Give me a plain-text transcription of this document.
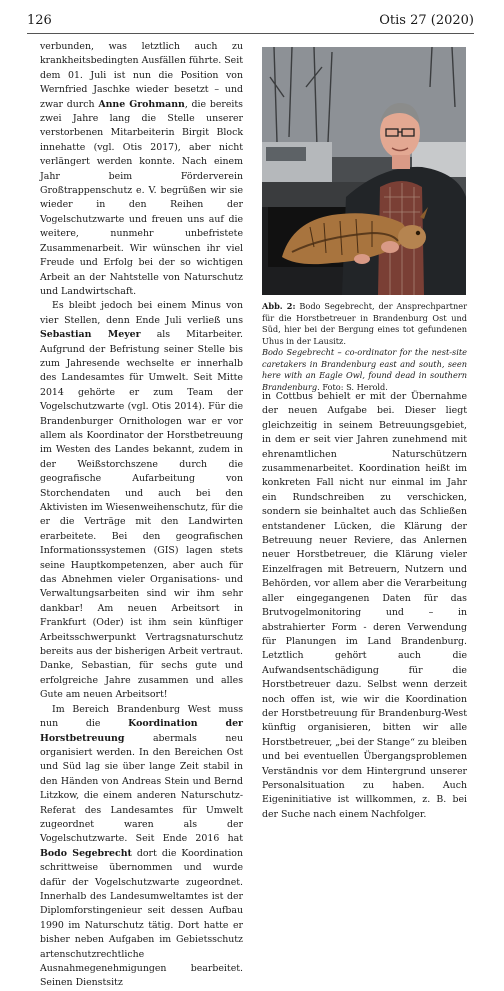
126	Otis 27 (2020)

verbunden, was letztlich auch zu krankheitsbedingten Ausfällen führte. Seit dem 01. Juli ist nun die Position von Wernfried Jaschke wieder besetzt – und zwar durch Anne Grohmann, die bereits zwei Jahre lang die Stelle unserer verstorbenen Mitarbeiterin Birgit Block innehatte (vgl. Otis 2017), aber nicht verlängert werden konnte. Nach einem Jahr beim Förderverein Großtrappenschutz e. V. begrüßen wir sie wieder in den Reihen der Vogelschutzwarte und freuen uns auf die weitere, nunmehr unbefristete Zusammenarbeit. Wir wünschen ihr viel Freude und Erfolg bei der so wichtigen Arbeit an der Nahtstelle von Naturschutz und Landwirtschaft.

Es bleibt jedoch bei einem Minus von vier Stellen, denn Ende Juli verließ uns Sebastian Meyer als Mitarbeiter. Aufgrund der Befristung seiner Stelle bis zum Jahresende wechselte er innerhalb des Landesamtes für Umwelt. Seit Mitte 2014 gehörte er zum Team der Vogelschutzwarte (vgl. Otis 2014). Für die Brandenburger Ornithologen war er vor allem als Koordinator der Horstbetreuung im Westen des Landes bekannt, zudem in der Weißstorchszene durch die geografische Aufarbeitung von Storchendaten und auch bei den Aktivisten im Wiesenweihenschutz, für die er die Verträge mit den Landwirten erarbeitete. Bei den geografischen Informationssystemen (GIS) lagen stets seine Hauptkompetenzen, aber auch für das Abnehmen vieler Organisations- und Verwaltungsarbeiten sind wir ihm sehr dankbar! Am neuen Arbeitsort in Frankfurt (Oder) ist ihm sein künftiger Arbeitsschwerpunkt Vertragsnaturschutz bereits aus der bisherigen Arbeit vertraut. Danke, Sebastian, für sechs gute und erfolgreiche Jahre zusammen und alles Gute am neuen Arbeitsort!

Im Bereich Brandenburg West muss nun die Koordination der Horstbetreuung abermals neu organisiert werden. In den Bereichen Ost und Süd lag sie über lange Zeit stabil in den Händen von Andreas Stein und Bernd Litzkow, die einem anderen Naturschutz-Referat des Landesamtes für Umwelt zugeordnet waren als der Vogelschutzwarte. Seit Ende 2016 hat Bodo Segebrecht dort die Koordination schrittweise übernommen und wurde dafür der Vogelschutzwarte zugeordnet. Innerhalb des Landesumweltamtes ist der Diplomforstingenieur seit dessen Aufbau 1990 im Naturschutz tätig. Dort hatte er bisher neben Aufgaben im Gebietsschutz artenschutzrechtliche Ausnahmegenehmigungen bearbeitet. Seinen Dienstsitz

Abb. 2: Bodo Segebrecht, der Ansprechpartner für die Horstbetreuer in Brandenburg Ost und Süd, hier bei der Bergung eines tot gefundenen Uhus in der Lausitz.

Bodo Segebrecht – co-ordinator for the nest-site caretakers in Brandenburg east and south, seen here with an Eagle Owl, found dead in southern Brandenburg. Foto: S. Herold.

in Cottbus behielt er mit der Übernahme der neuen Aufgabe bei. Dieser liegt gleichzeitig in seinem Betreuungsgebiet, in dem er seit vier Jahren zunehmend mit ehrenamtlichen Naturschützern zusammenarbeitet. Koordination heißt im konkreten Fall nicht nur einmal im Jahr ein Rundschreiben zu verschicken, sondern sie beinhaltet auch das Schließen entstandener Lücken, die Klärung der Betreuung neuer Reviere, das Anlernen neuer Horstbetreuer, die Klärung vieler Einzelfragen mit Betreuern, Nutzern und Behörden, vor allem aber die Verarbeitung aller eingegangenen Daten für das Brutvogelmonitoring und – in abstrahierter Form - deren Verwendung für Planungen im Land Brandenburg. Letztlich gehört auch die Aufwandsentschädigung für die Horstbetreuer dazu. Selbst wenn derzeit noch offen ist, wie wir die Koordination der Horstbetreuung für Brandenburg-West künftig organisieren, bitten wir alle Horstbetreuer, „bei der Stange“ zu bleiben und bei eventuellen Übergangsproblemen Verständnis vor dem Hintergrund unserer Personalsituation zu haben. Auch Eigeninitiative ist willkommen, z. B. bei der Suche nach einem Nachfolger.
